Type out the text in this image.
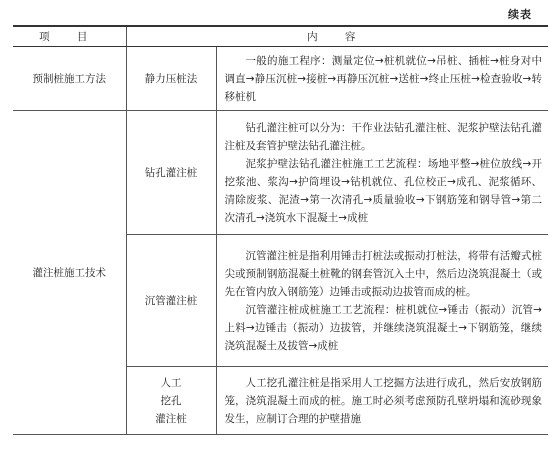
续表
项 目	内 容	
预制桩施工方法	静力压桩法	一般的施工程序：测量定位→桩机就位→吊桩、插桩→桩身对中调直→静压沉桩→接桩→再静压沉桩→送桩→终止压桩→检查验收→转移桩机

灌注桩施工技术	钻孔灌注桩	钻孔灌注桩可以分为：干作业法钻孔灌注桩、泥浆护壁法钻孔灌注桩及套管护壁法钻孔灌注桩。

泥浆护壁法钻孔灌注桩施工工艺流程：场地平整→桩位放线→开挖浆池、浆沟→护筒埋设→钻机就位、孔位校正→成孔、泥浆循环、清除废浆、泥渣→第一次清孔→质量验收→下钢筋笼和钢导管→第二次清孔→浇筑水下混凝土→成桩

	沉管灌注桩	沉管灌注桩是指利用锤击打桩法或振动打桩法，将带有活瓣式桩尖或预制钢筋混凝土桩靴的钢套管沉入土中，然后边浇筑混凝土（或先在管内放入钢筋笼）边锤击或振动边拔管而成的桩。

沉管灌注桩成桩施工工艺流程：桩机就位→锤击（振动）沉管→上料→边锤击（振动）边拔管，并继续浇筑混凝土→下钢筋笼，继续浇筑混凝土及拔管→成桩

	人工
挖孔
灌注桩	人工挖孔灌注桩是指采用人工挖掘方法进行成孔，然后安放钢筋笼，浇筑混凝土而成的桩。施工时必须考虑预防孔壁坍塌和流砂现象发生，应制订合理的护壁措施
